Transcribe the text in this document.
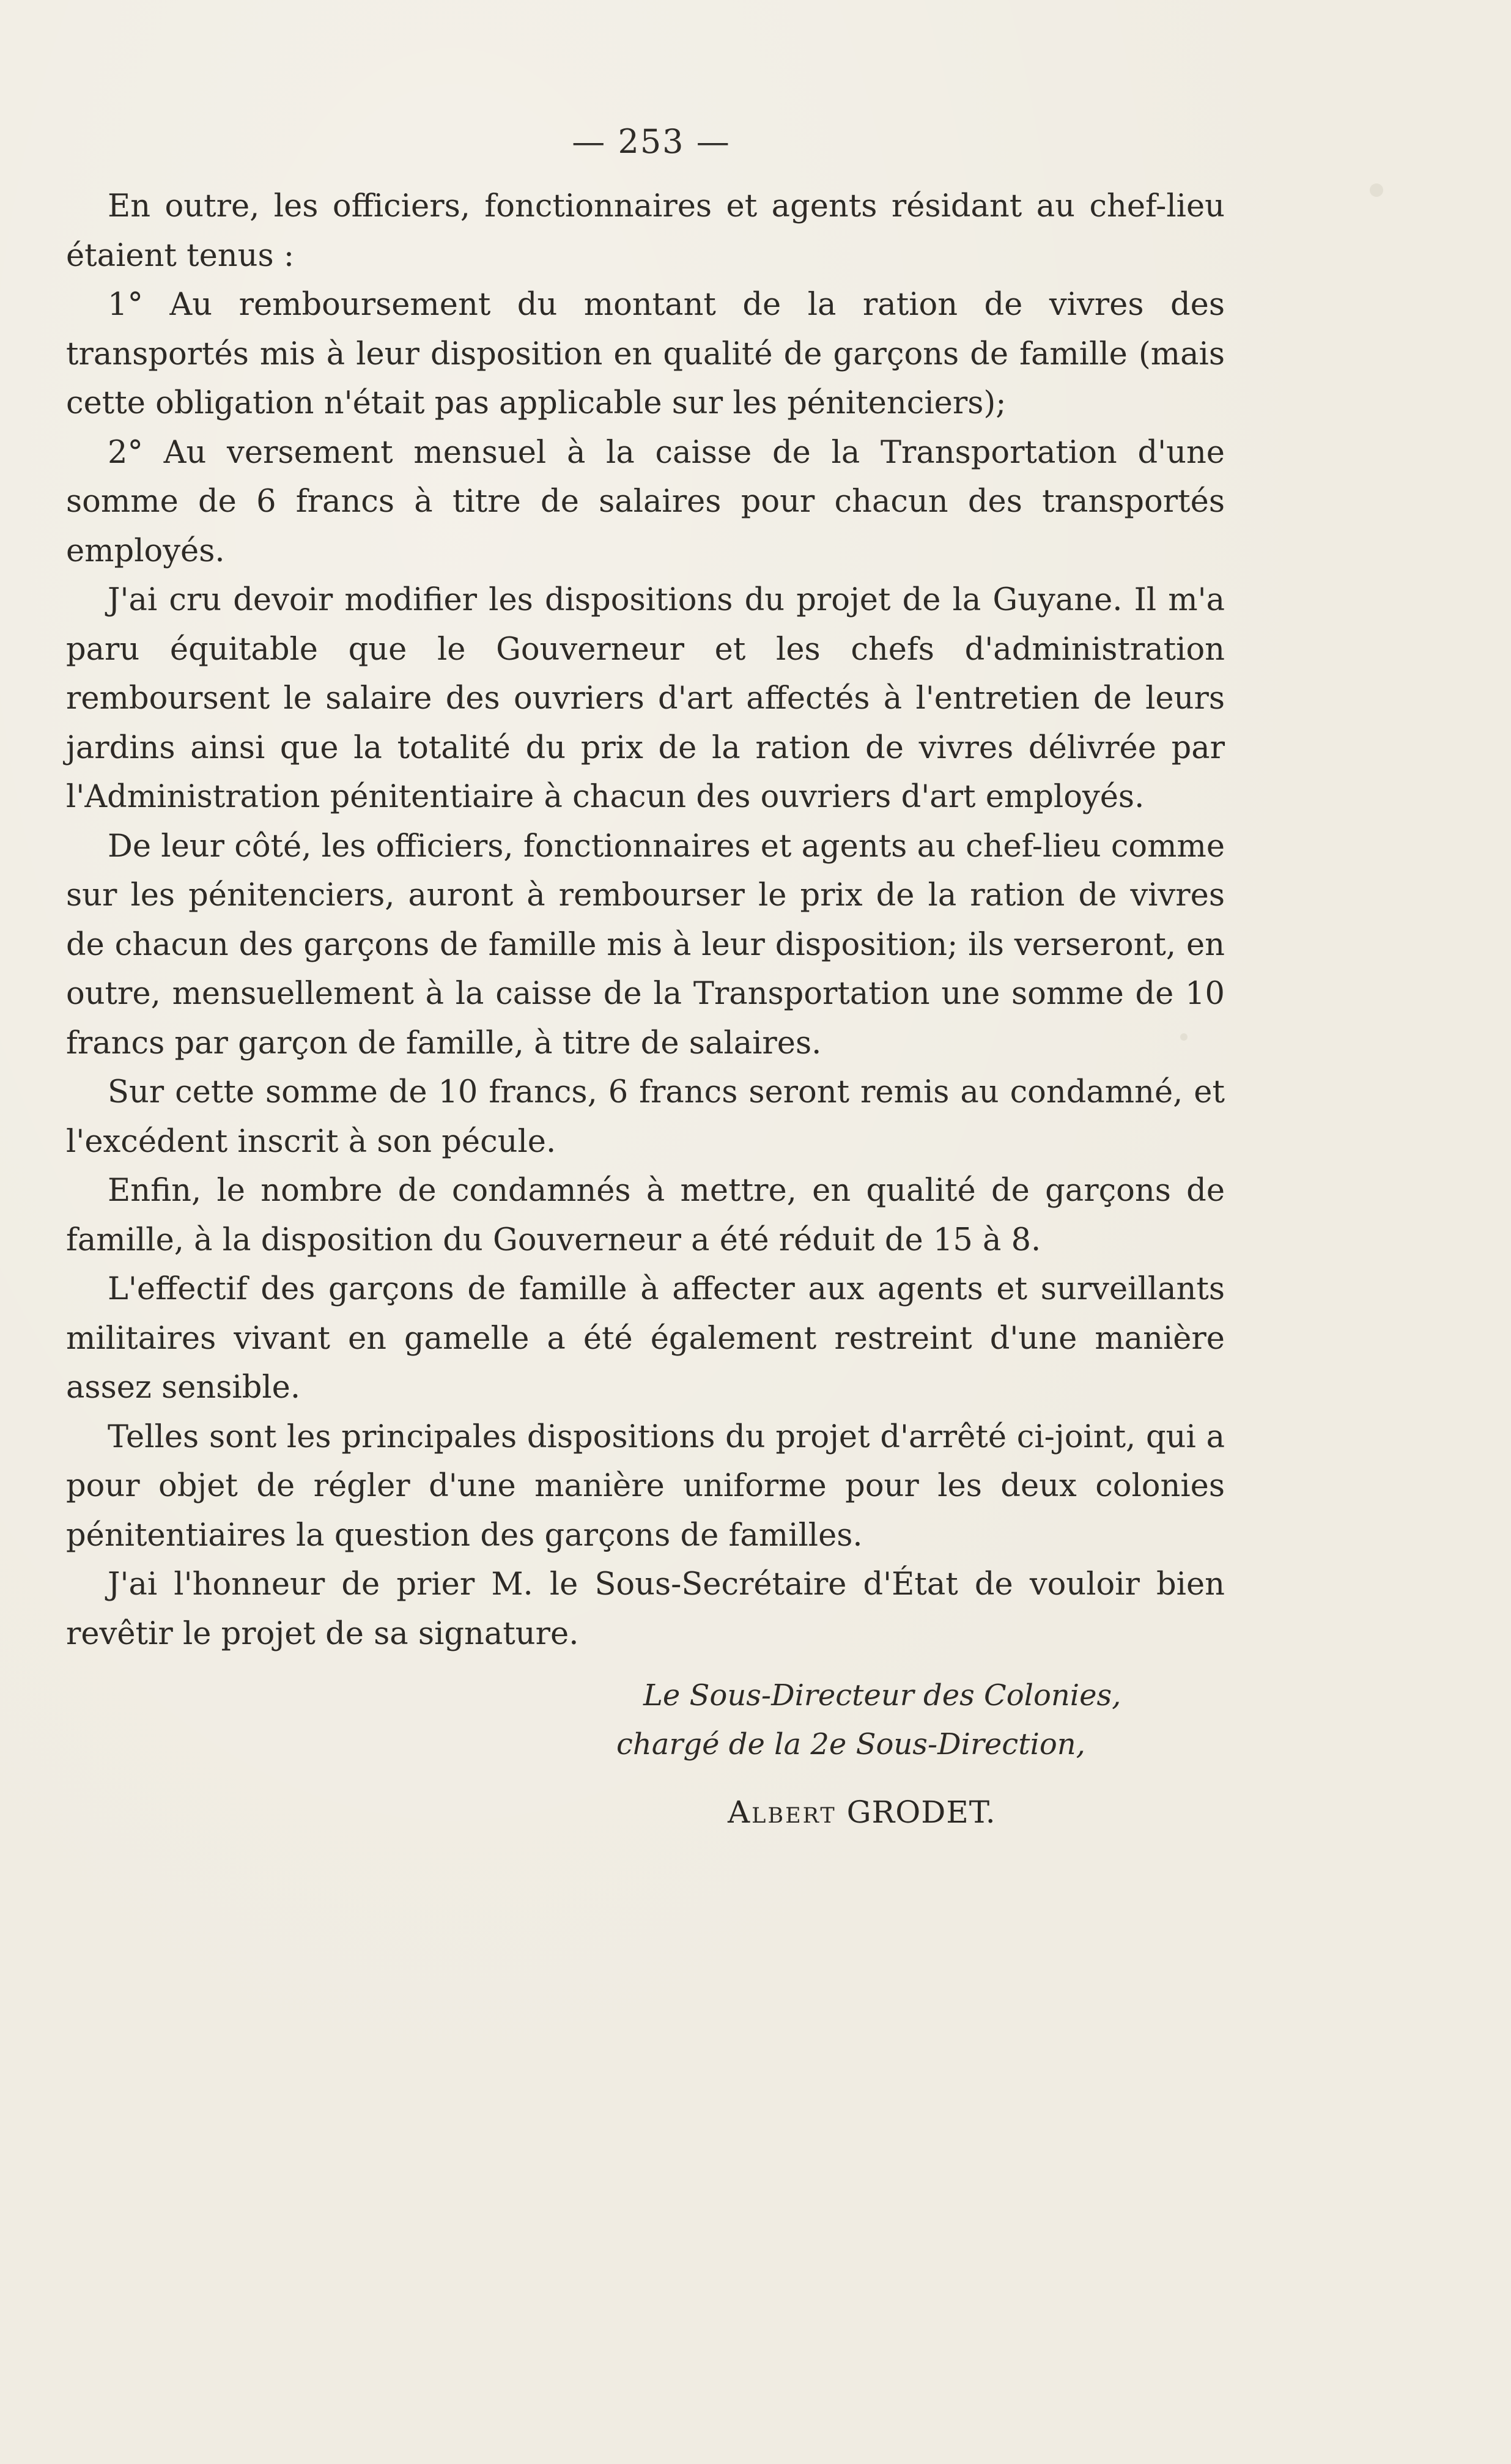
— 253 —

En outre, les officiers, fonctionnaires et agents résidant au chef-lieu étaient tenus :

1° Au remboursement du montant de la ration de vivres des transportés mis à leur disposition en qualité de garçons de famille (mais cette obligation n'était pas applicable sur les pénitenciers);

2° Au versement mensuel à la caisse de la Transportation d'une somme de 6 francs à titre de salaires pour chacun des transportés employés.

J'ai cru devoir modifier les dispositions du projet de la Guyane. Il m'a paru équitable que le Gouverneur et les chefs d'administration remboursent le salaire des ouvriers d'art affectés à l'entretien de leurs jardins ainsi que la totalité du prix de la ration de vivres délivrée par l'Administration pénitentiaire à chacun des ouvriers d'art employés.

De leur côté, les officiers, fonctionnaires et agents au chef-lieu comme sur les pénitenciers, auront à rembourser le prix de la ration de vivres de chacun des garçons de famille mis à leur disposition; ils verseront, en outre, mensuellement à la caisse de la Transportation une somme de 10 francs par garçon de famille, à titre de salaires.

Sur cette somme de 10 francs, 6 francs seront remis au condamné, et l'excédent inscrit à son pécule.

Enfin, le nombre de condamnés à mettre, en qualité de garçons de famille, à la disposition du Gouverneur a été réduit de 15 à 8.

L'effectif des garçons de famille à affecter aux agents et surveillants militaires vivant en gamelle a été également restreint d'une manière assez sensible.

Telles sont les principales dispositions du projet d'arrêté ci-joint, qui a pour objet de régler d'une manière uniforme pour les deux colonies pénitentiaires la question des garçons de familles.

J'ai l'honneur de prier M. le Sous-Secrétaire d'État de vouloir bien revêtir le projet de sa signature.

Le Sous-Directeur des Colonies,
chargé de la 2e Sous-Direction,
Albert GRODET.
